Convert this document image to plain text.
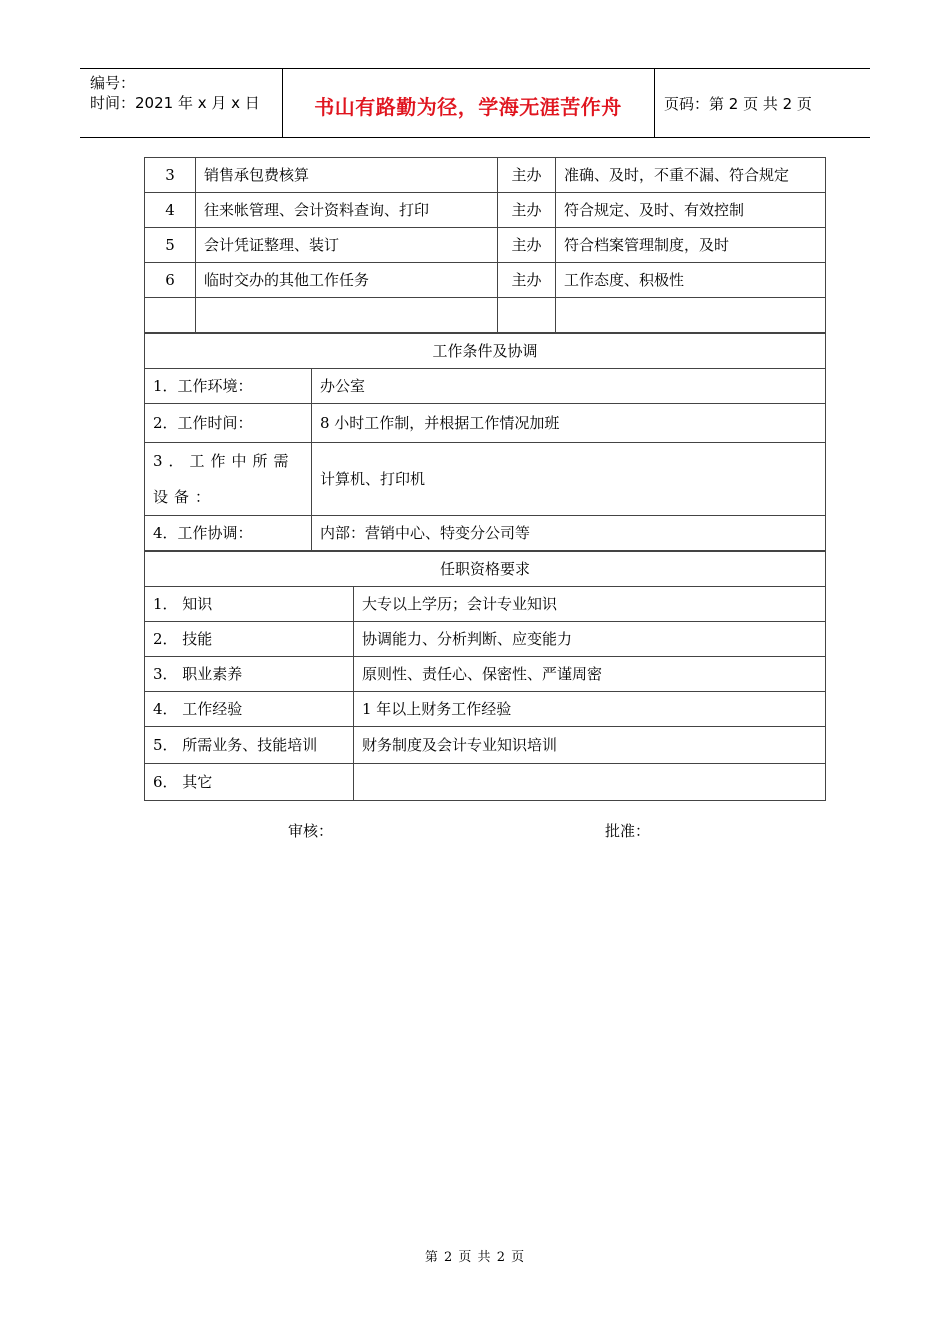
编号：
时间：2021 年 x 月 x 日	书山有路勤为径，学海无涯苦作舟	页码：第 2 页 共 2 页
3	销售承包费核算	主办	准确、及时，不重不漏、符合规定
4	往来帐管理、会计资料查询、打印	主办	符合规定、及时、有效控制
5	会计凭证整理、装订	主办	符合档案管理制度，及时
6	临时交办的其他工作任务	主办	工作态度、积极性

工作条件及协调	
1．工作环境：	办公室
2．工作时间：	8 小时工作制，并根据工作情况加班
3．工作中所需设备：	计算机、打印机
4．工作协调：	内部：营销中心、特变分公司等
任职资格要求	
1． 知识	大专以上学历；会计专业知识
2． 技能	协调能力、分析判断、应变能力
3． 职业素养	原则性、责任心、保密性、严谨周密
4． 工作经验	1 年以上财务工作经验
5． 所需业务、技能培训	财务制度及会计专业知识培训
6． 其它	
审核：	批准：
第 2 页 共 2 页
